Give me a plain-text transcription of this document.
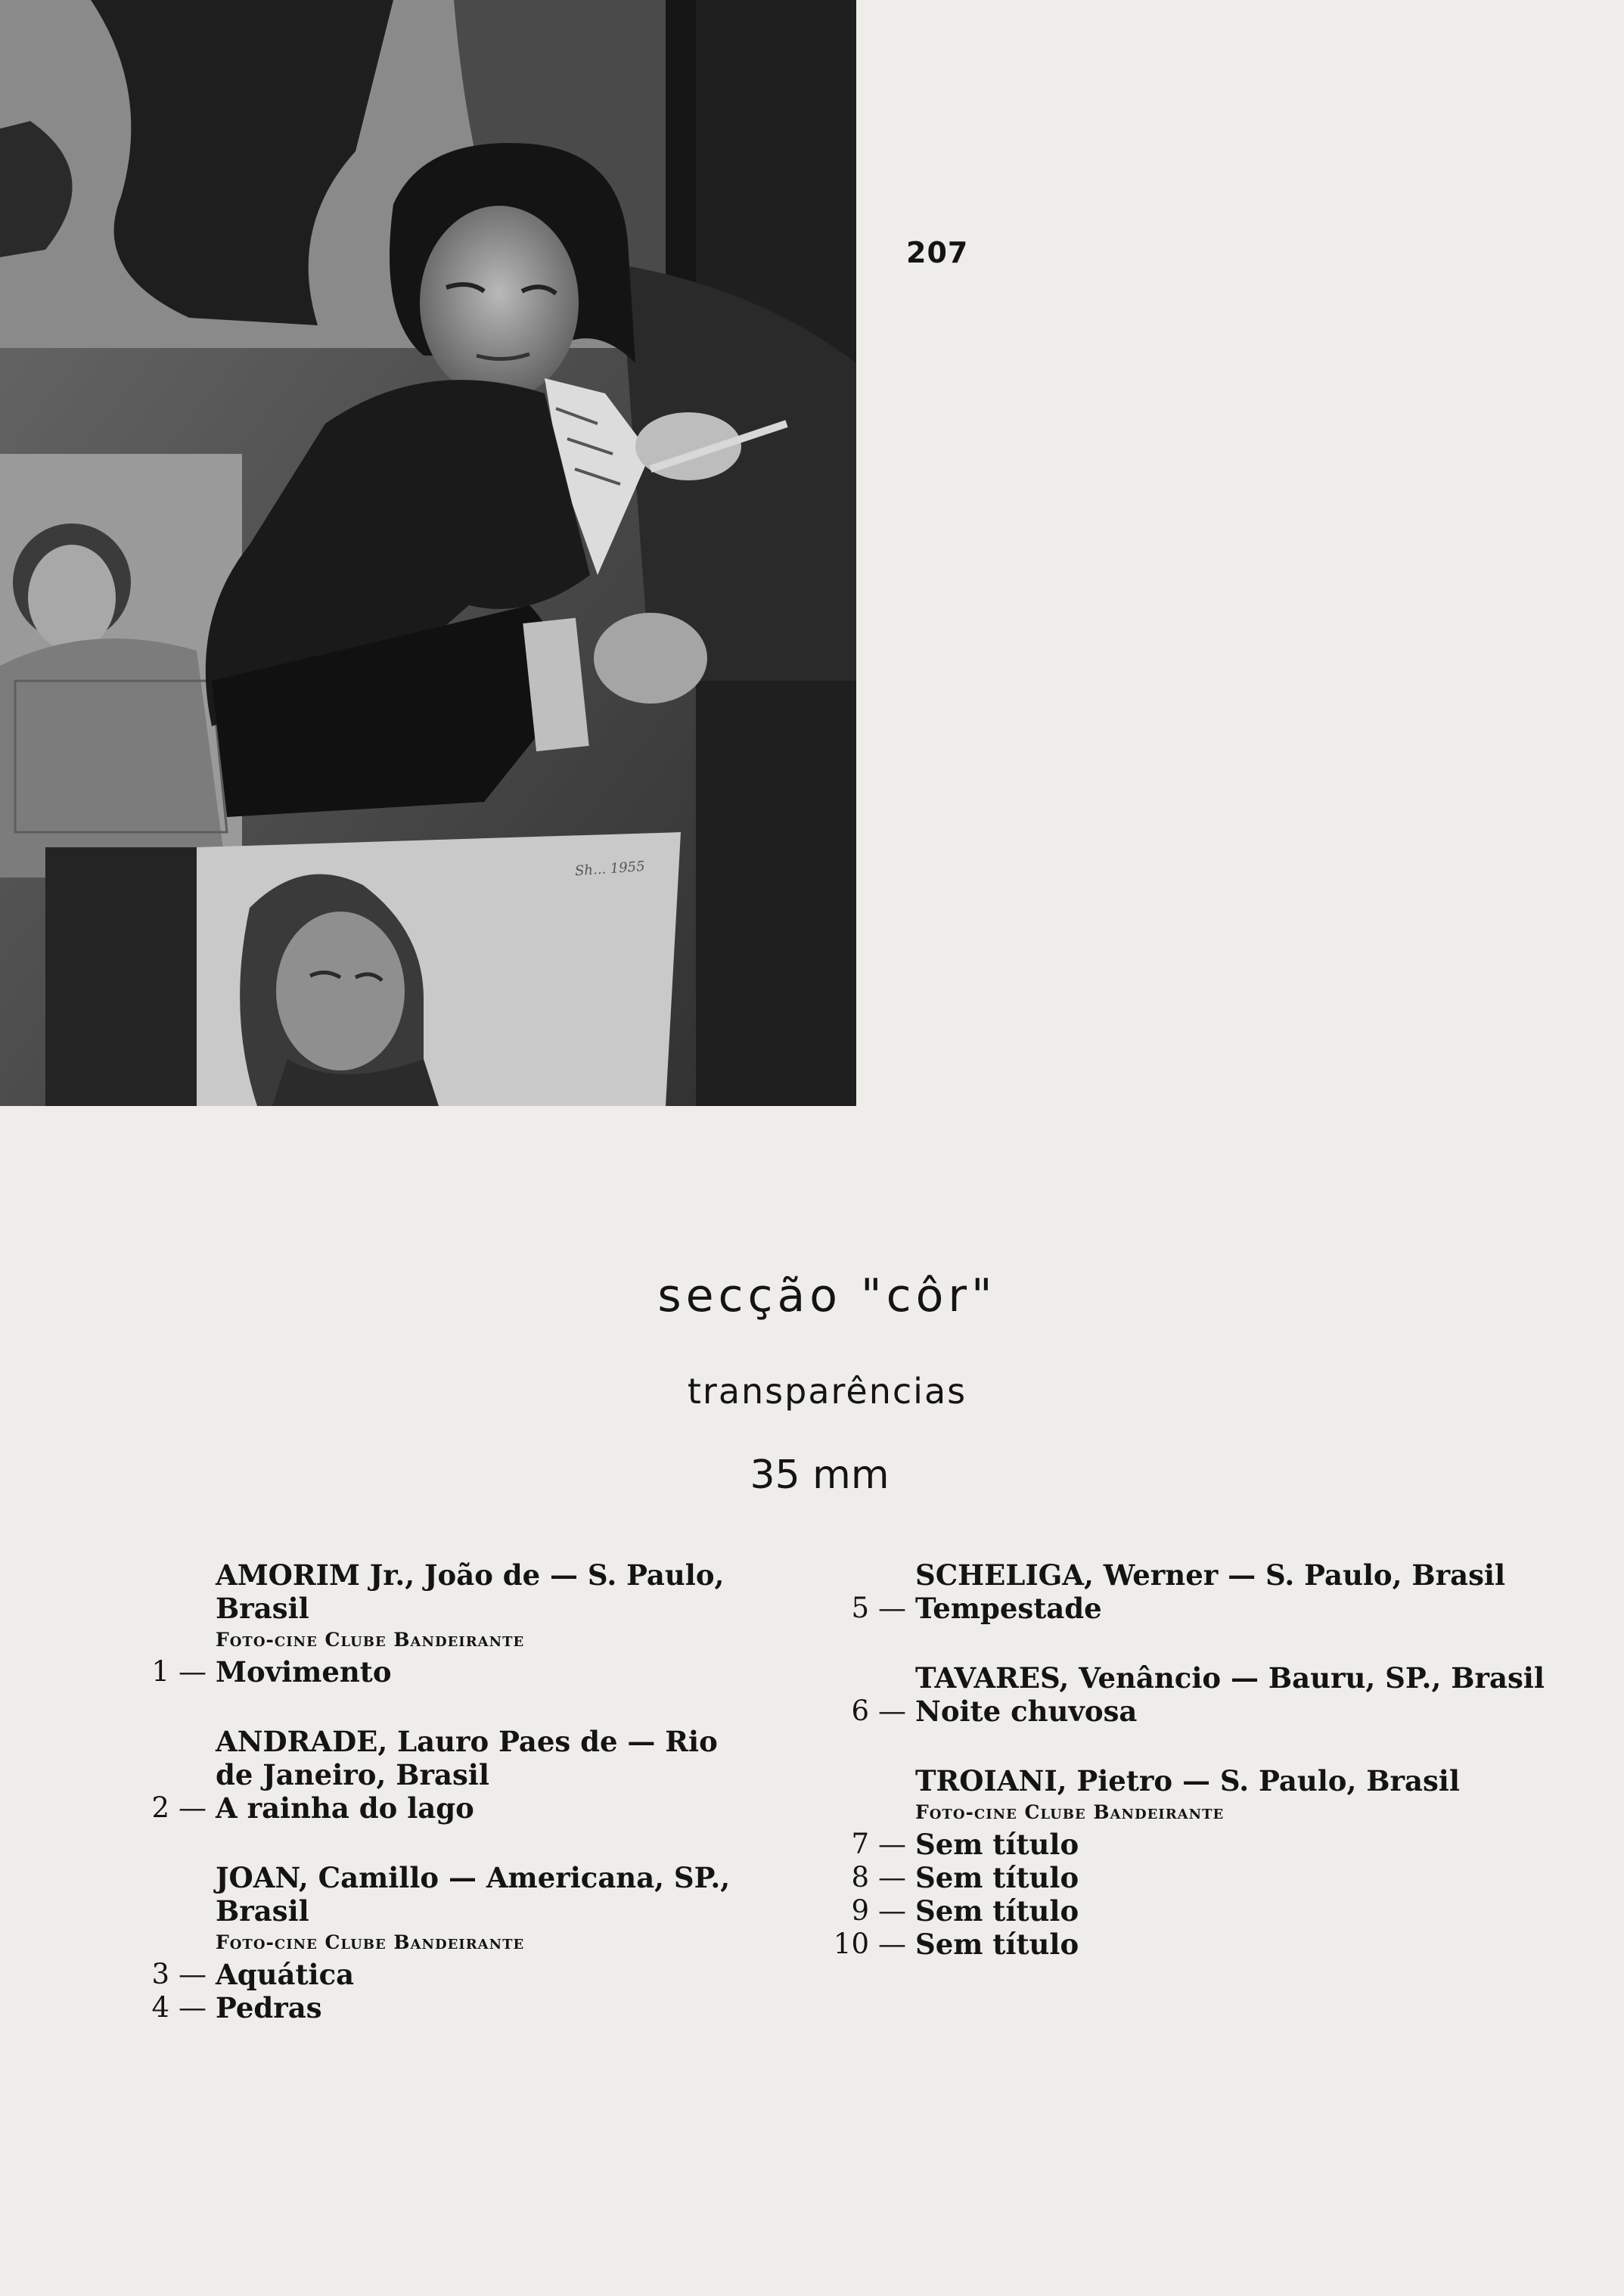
Sh... 1955
207
secção "côr"
transparências
35 mm
AMORIM Jr., João de — S. Paulo, Brasil
Foto-cine Clube Bandeirante
1 — Movimento
ANDRADE, Lauro Paes de — Rio de Janeiro, Brasil
2 — A rainha do lago
JOAN, Camillo — Americana, SP., Brasil
Foto-cine Clube Bandeirante
3 — Aquática
4 — Pedras
SCHELIGA, Werner — S. Paulo, Brasil
5 — Tempestade
TAVARES, Venâncio — Bauru, SP., Brasil
6 — Noite chuvosa
TROIANI, Pietro — S. Paulo, Brasil
Foto-cine Clube Bandeirante
7 — Sem título
8 — Sem título
9 — Sem título
10 — Sem título
